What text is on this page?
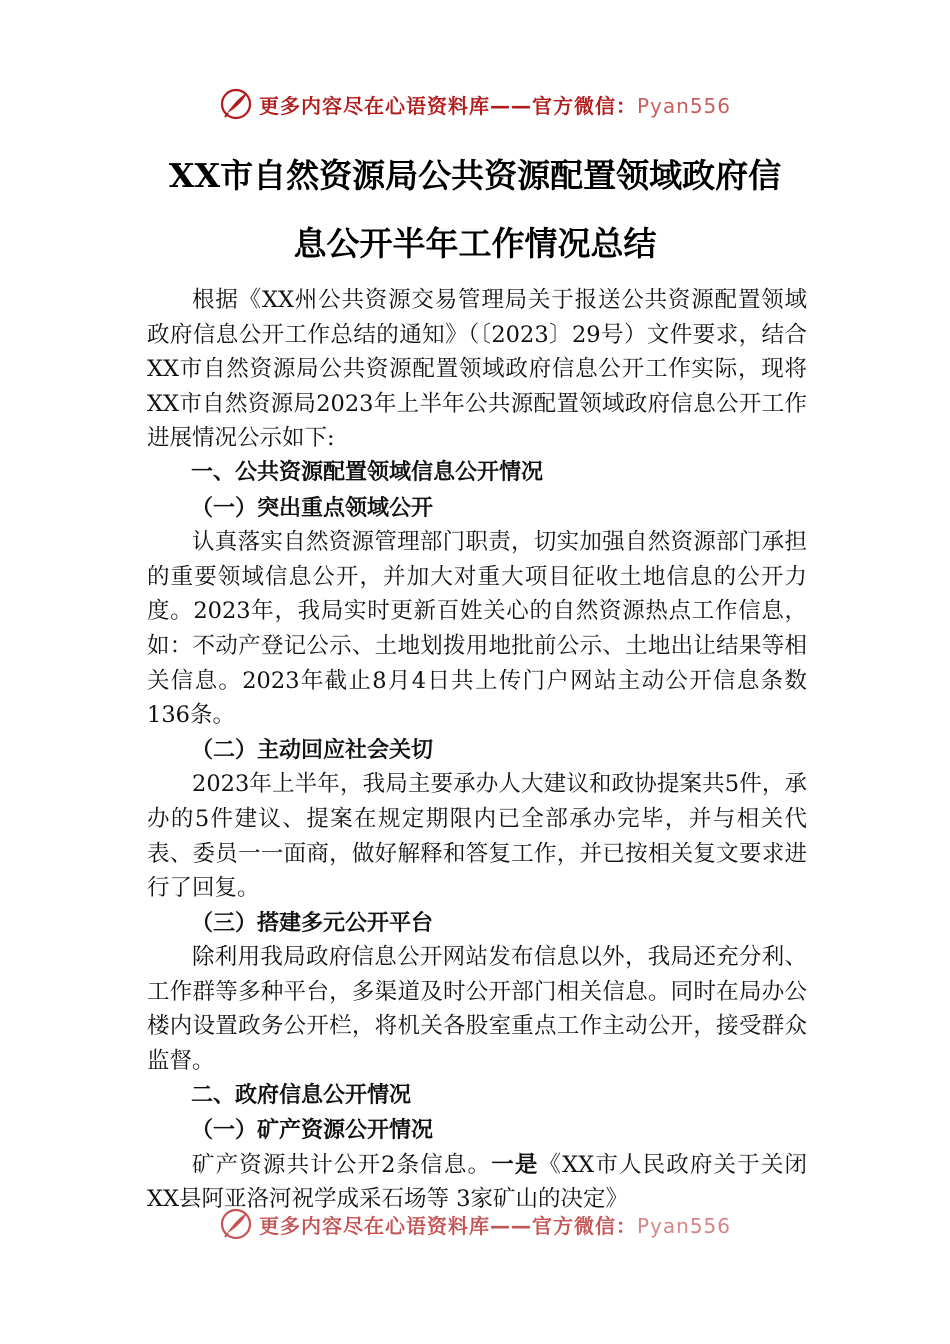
更多内容尽在心语资料库——官方微信：Pyan556
XX市自然资源局公共资源配置领域政府信
息公开半年工作情况总结

根据《XX州公共资源交易管理局关于报送公共资源配置领域政府信息公开工作总结的通知》（〔2023〕29号）文件要求，结合XX市自然资源局公共资源配置领域政府信息公开工作实际，现将XX市自然资源局2023年上半年公共源配置领域政府信息公开工作进展情况公示如下:

一、公共资源配置领域信息公开情况

（一）突出重点领域公开

认真落实自然资源管理部门职责，切实加强自然资源部门承担的重要领域信息公开，并加大对重大项目征收土地信息的公开力度。2023年，我局实时更新百姓关心的自然资源热点工作信息，如：不动产登记公示、土地划拨用地批前公示、土地出让结果等相关信息。2023年截止8月4日共上传门户网站主动公开信息条数136条。

（二）主动回应社会关切

2023年上半年，我局主要承办人大建议和政协提案共5件，承办的5件建议、提案在规定期限内已全部承办完毕，并与相关代表、委员一一面商，做好解释和答复工作，并已按相关复文要求进行了回复。

（三）搭建多元公开平台

除利用我局政府信息公开网站发布信息以外，我局还充分利、工作群等多种平台，多渠道及时公开部门相关信息。同时在局办公楼内设置政务公开栏，将机关各股室重点工作主动公开，接受群众监督。

二、政府信息公开情况

（一）矿产资源公开情况

矿产资源共计公开2条信息。一是《XX市人民政府关于关闭XX县阿亚洛河祝学成采石场等 3家矿山的决定》

更多内容尽在心语资料库——官方微信：Pyan556
